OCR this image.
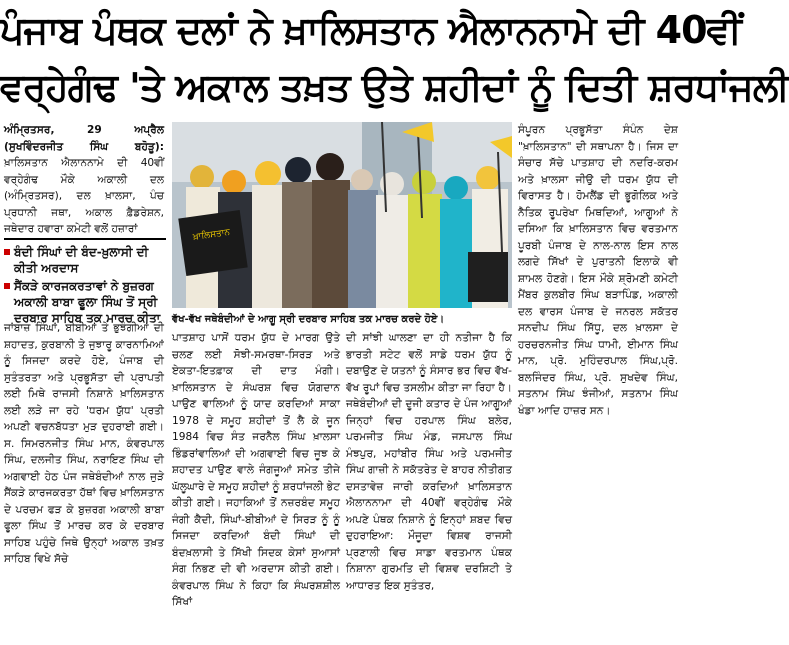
ਪੰਜਾਬ ਪੰਥਕ ਦਲਾਂ ਨੇ ਖ਼ਾਲਿਸਤਾਨ ਐਲਾਨਨਾਮੇ ਦੀ 40ਵੀਂ
ਵਰ੍ਹੇਗੰਢ 'ਤੇ ਅਕਾਲ ਤਖ਼ਤ ਉਤੇ ਸ਼ਹੀਦਾਂ ਨੂੰ ਦਿਤੀ ਸ਼ਰਧਾਂਜਲੀ
ਅੰਮ੍ਰਿਤਸਰ, 29 ਅਪ੍ਰੈਲ (ਸੁਖਵਿੰਦਰਜੀਤ ਸਿੰਘ ਬਹੋੜੂ): ਖ਼ਾਲਿਸਤਾਨ ਐਲਾਨਨਾਮੇ ਦੀ 40ਵੀਂ ਵਰ੍ਹੇਗੰਢ ਮੌਕੇ ਅਕਾਲੀ ਦਲ (ਅੰਮ੍ਰਿਤਸਰ), ਦਲ ਖ਼ਾਲਸਾ, ਪੰਚ ਪ੍ਰਧਾਨੀ ਜਥਾ, ਅਕਾਲ ਫ਼ੈਡਰੇਸ਼ਨ, ਜਥੇਦਾਰ ਹਵਾਰਾ ਕਮੇਟੀ ਵਲੋਂ ਹਜ਼ਾਰਾਂ
ਬੰਦੀ ਸਿੰਘਾਂ ਦੀ ਬੰਦ-ਖ਼ੁਲਾਸੀ ਦੀ ਕੀਤੀ ਅਰਦਾਸ
ਸੈਂਕੜੇ ਕਾਰਜਕਰਤਾਵਾਂ ਨੇ ਬੁਜ਼ਰਗ ਅਕਾਲੀ ਬਾਬਾ ਫੂਲਾ ਸਿੰਘ ਤੋਂ ਸ੍ਰੀ ਦਰਬਾਰ ਸਾਹਿਬ ਤਕ ਮਾਰਚ ਕੀਤਾ
ਜਾਂਬਾਜ਼ ਸਿੰਘਾਂ, ਬੀਬੀਆਂ ਤੇ ਭੁਝੰਗੀਆਂ ਦੀ ਸ਼ਹਾਦਤ, ਕੁਰਬਾਨੀ ਤੇ ਜੁਝਾਰੂ ਕਾਰਨਾਮਿਆਂ ਨੂੰ ਸਿਜਦਾ ਕਰਦੇ ਹੋਏ, ਪੰਜਾਬ ਦੀ ਸੁਤੰਤਰਤਾ ਅਤੇ ਪ੍ਰਭੂਸੱਤਾ ਦੀ ਪ੍ਰਾਪਤੀ ਲਈ ਮਿਥੇ ਰਾਜਸੀ ਨਿਸ਼ਾਨੇ ਖ਼ਾਲਿਸਤਾਨ ਲਈ ਲੜੇ ਜਾ ਰਹੇ 'ਧਰਮ ਯੁੱਧ' ਪ੍ਰਤੀ ਅਪਣੀ ਵਚਨਬੱਧਤਾ ਮੁੜ ਦੁਹਰਾਈ ਗਈ। ਸ. ਸਿਮਰਨਜੀਤ ਸਿੰਘ ਮਾਨ, ਕੰਵਰਪਾਲ ਸਿੰਘ, ਦਲਜੀਤ ਸਿੰਘ, ਨਰਾਇਣ ਸਿੰਘ ਦੀ ਅਗਵਾਈ ਹੇਠ ਪੰਜ ਜਥੇਬੰਦੀਆਂ ਨਾਲ ਜੁੜੇ ਸੈਂਕੜੇ ਕਾਰਜਕਰਤਾ ਹੱਥਾਂ ਵਿਚ ਖ਼ਾਲਿਸਤਾਨ ਦੇ ਪਰਚਮ ਫੜ ਕੇ ਬੁਜ਼ਰਗ ਅਕਾਲੀ ਬਾਬਾ ਫੂਲਾ ਸਿੰਘ ਤੋਂ ਮਾਰਚ ਕਰ ਕੇ ਦਰਬਾਰ ਸਾਹਿਬ ਪਹੁੰਚੇ ਜਿਥੇ ਉਨ੍ਹਾਂ ਅਕਾਲ ਤਖ਼ਤ ਸਾਹਿਬ ਵਿਖੇ ਸੱਚੇ
ਖ਼ਾਲਿਸਤਾਨ
ਵੱਖ-ਵੱਖ ਜਥੇਬੰਦੀਆਂ ਦੇ ਆਗੂ ਸ੍ਰੀ ਦਰਬਾਰ ਸਾਹਿਬ ਤਕ ਮਾਰਚ ਕਰਦੇ ਹੋਏ।
ਪਾਤਸ਼ਾਹ ਪਾਸੋਂ ਧਰਮ ਯੁੱਧ ਦੇ ਮਾਰਗ ਉਤੇ ਚਲਣ ਲਈ ਸੋਝੀ-ਸਮਰਥਾ-ਸਿਰੜ ਅਤੇ ਏਕਤਾ-ਇਤਫ਼ਾਕ ਦੀ ਦਾਤ ਮੰਗੀ। ਖ਼ਾਲਿਸਤਾਨ ਦੇ ਸੰਘਰਸ਼ ਵਿਚ ਯੋਗਦਾਨ ਪਾਉਣ ਵਾਲਿਆਂ ਨੂੰ ਯਾਦ ਕਰਦਿਆਂ ਸਾਕਾ 1978 ਦੇ ਸਮੂਹ ਸ਼ਹੀਦਾਂ ਤੋਂ ਲੈ ਕੇ ਜੂਨ 1984 ਵਿਚ ਸੰਤ ਜਰਨੈਲ ਸਿੰਘ ਖ਼ਾਲਸਾ ਭਿੰਡਰਾਂਵਾਲਿਆਂ ਦੀ ਅਗਵਾਈ ਵਿਚ ਜੂਝ ਕੇ ਸ਼ਹਾਦਤ ਪਾਉਣ ਵਾਲੇ ਜੰਗਜੂਆਂ ਸਮੇਤ ਤੀਜੇ ਘੱਲੂਘਾਰੇ ਦੇ ਸਮੂਹ ਸ਼ਹੀਦਾਂ ਨੂੰ ਸ਼ਰਧਾਂਜਲੀ ਭੇਟ ਕੀਤੀ ਗਈ। ਜਹਾਕਿਆਂ ਤੋਂ ਨਜ਼ਰਬੰਦ ਸਮੂਹ ਜੰਗੀ ਕੈਦੀ, ਸਿੰਘਾਂ-ਬੀਬੀਆਂ ਦੇ ਸਿਰੜ ਨੂੰ ਨੂੰ ਸਿਜਦਾ ਕਰਦਿਆਂ ਬੰਦੀ ਸਿੰਘਾਂ ਦੀ ਬੰਦਖ਼ਲਾਸੀ ਤੇ ਸਿੱਖੀ ਸਿਦਕ ਕੇਸਾਂ ਸੁਆਸਾਂ ਸੰਗ ਨਿਭਣ ਦੀ ਵੀ ਅਰਦਾਸ ਕੀਤੀ ਗਈ। ਕੰਵਰਪਾਲ ਸਿੰਘ ਨੇ ਕਿਹਾ ਕਿ ਸੰਘਰਸ਼ਸ਼ੀਲ ਸਿੱਖਾਂ
ਦੀ ਸਾਂਝੀ ਘਾਲਣਾ ਦਾ ਹੀ ਨਤੀਜਾ ਹੈ ਕਿ ਭਾਰਤੀ ਸਟੇਟ ਵਲੋਂ ਸਾਡੇ ਧਰਮ ਯੁੱਧ ਨੂੰ ਦਬਾਉਣ ਦੇ ਯਤਨਾਂ ਨੂੰ ਸੰਸਾਰ ਭਰ ਵਿਚ ਵੱਖ-ਵੱਖ ਰੂਪਾਂ ਵਿਚ ਤਸਲੀਮ ਕੀਤਾ ਜਾ ਰਿਹਾ ਹੈ। ਜਥੇਬੰਦੀਆਂ ਦੀ ਦੂਜੀ ਕਤਾਰ ਦੇ ਪੰਜ ਆਗੂਆਂ ਜਿਨ੍ਹਾਂ ਵਿਚ ਹਰਪਾਲ ਸਿੰਘ ਬਲੇਰ, ਪਰਮਜੀਤ ਸਿੰਘ ਮੰਡ, ਜਸਪਾਲ ਸਿੰਘ ਮੰਝਪੁਰ, ਮਹਾਂਬੀਰ ਸਿੰਘ ਅਤੇ ਪਰਮਜੀਤ ਸਿੰਘ ਗਾਜ਼ੀ ਨੇ ਸਕੱਤਰੇਤ ਦੇ ਬਾਹਰ ਨੀਤੀਗਤ ਦਸਤਾਵੇਜ਼ ਜਾਰੀ ਕਰਦਿਆਂ ਖ਼ਾਲਿਸਤਾਨ ਐਲਾਨਨਾਮਾ ਦੀ 40ਵੀਂ ਵਰ੍ਹੇਗੰਢ ਮੌਕੇ ਅਪਣੇ ਪੰਥਕ ਨਿਸ਼ਾਨੇ ਨੂੰ ਇਨ੍ਹਾਂ ਸ਼ਬਦ ਵਿਚ ਦੁਹਰਾਇਆ: ਮੌਜੂਦਾ ਵਿਸ਼ਵ ਰਾਜਸੀ ਪ੍ਰਣਾਲੀ ਵਿਚ ਸਾਡਾ ਵਰਤਮਾਨ ਪੰਥਕ ਨਿਸ਼ਾਨਾ ਗੁਰਮਤਿ ਦੀ ਵਿਸ਼ਵ ਦਰਸ਼ਿਟੀ ਤੇ ਆਧਾਰਤ ਇਕ ਸੁਤੰਤਰ,
ਸੰਪੂਰਨ ਪ੍ਰਭੂਸੱਤਾ ਸੰਪੰਨ ਦੇਸ਼ "ਖ਼ਾਲਿਸਤਾਨ" ਦੀ ਸਥਾਪਨਾ ਹੈ। ਜਿਸ ਦਾ ਸੰਚਾਰ ਸੱਚੇ ਪਾਤਸ਼ਾਹ ਦੀ ਨਦਰਿ-ਕਰਮ ਅਤੇ ਖ਼ਾਲਸਾ ਜੀਉ ਦੀ ਧਰਮ ਯੁੱਧ ਦੀ ਵਿਰਾਸਤ ਹੈ। ਹੋਮਲੈਂਡ ਦੀ ਭੂਗੋਲਿਕ ਅਤੇ ਨੈਤਿਕ ਰੂਪਰੇਖਾ ਮਿਥਦਿਆਂ, ਆਗੂਆਂ ਨੇ ਦਸਿਆ ਕਿ ਖ਼ਾਲਿਸਤਾਨ ਵਿਚ ਵਰਤਮਾਨ ਪੂਰਬੀ ਪੰਜਾਬ ਦੇ ਨਾਲ-ਨਾਲ ਇਸ ਨਾਲ ਲਗਦੇ ਸਿੱਖਾਂ ਦੇ ਪੁਰਾਤਨੀ ਇਲਾਕੇ ਵੀ ਸ਼ਾਮਲ ਹੋਣਗੇ। ਇਸ ਮੌਕੇ ਸ਼੍ਰੋਮਣੀ ਕਮੇਟੀ ਮੈਂਬਰ ਕੁਲਬੀਰ ਸਿੰਘ ਬੜਾਪਿੰਡ, ਅਕਾਲੀ ਦਲ ਵਾਰਸ ਪੰਜਾਬ ਦੇ ਜਨਰਲ ਸਕੱਤਰ ਸਨਦੀਪ ਸਿੰਘ ਸਿੱਧੂ, ਦਲ ਖ਼ਾਲਸਾ ਦੇ ਹਰਚਰਨਜੀਤ ਸਿੰਘ ਧਾਮੀ, ਈਮਾਨ ਸਿੰਘ ਮਾਨ, ਪ੍ਰੋ. ਮੁਹਿੰਦਰਪਾਲ ਸਿੰਘ,ਪ੍ਰੋ. ਬਲਜਿੰਦਰ ਸਿੰਘ, ਪ੍ਰੋ. ਸੁਖਦੇਵ ਸਿੰਘ, ਸਤਨਾਮ ਸਿੰਘ ਝੰਜੀਆਂ, ਸਤਨਾਮ ਸਿੰਘ ਖੰਡਾ ਆਦਿ ਹਾਜ਼ਰ ਸਨ।
